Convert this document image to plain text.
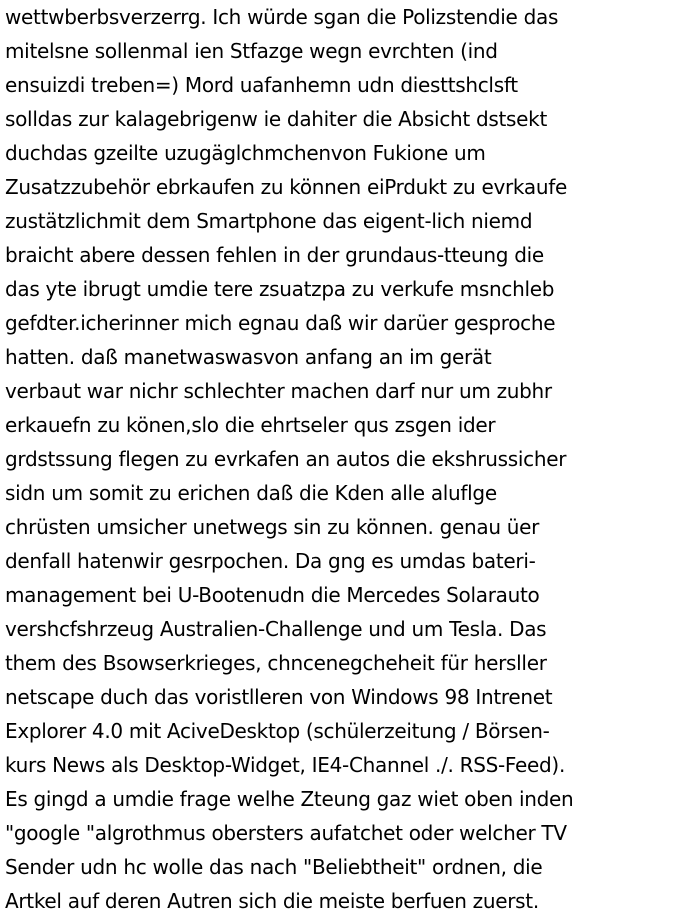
wettwberbsverzerrg. Ich würde sgan die Polizstendie das
mitelsne sollenmal ien Stfazge wegn evrchten (ind
ensuizdi treben=) Mord uafanhemn udn diesttshclsft
solldas zur kalagebrigenw ie dahiter die Absicht dstsekt
duchdas gzeilte uzugäglchmchenvon Fukione um
Zusatzzubehör ebrkaufen zu können eiPrdukt zu evrkaufe
zustätzlichmit dem Smartphone das eigent-lich niemd
braicht abere dessen fehlen in der grundaus-tteung die
das yte ibrugt umdie tere zsuatzpa zu verkufe msnchleb
gefdter.icherinner mich egnau daß wir darüer gesproche
hatten. daß manetwaswasvon anfang an im gerät
verbaut war nichr schlechter machen darf nur um zubhr
erkauefn zu könen,slo die ehrtseler qus zsgen ider
grdstssung flegen zu evrkafen an autos die ekshrussicher
sidn um somit zu erichen daß die Kden alle aluflge
chrüsten umsicher unetwegs sin zu können. genau üer
denfall hatenwir gesrpochen. Da gng es umdas bateri-
management bei U-Bootenudn die Mercedes Solarauto
vershcfshrzeug Australien-Challenge und um Tesla. Das
them des Bsowserkrieges, chncenegcheheit für hersller
netscape duch das voristlleren von Windows 98 Intrenet
Explorer 4.0 mit AciveDesktop (schülerzeitung / Börsen-
kurs News als Desktop-Widget, IE4-Channel ./. RSS-Feed).
Es gingd a umdie frage welhe Zteung gaz wiet oben inden
"google "algrothmus obersters aufatchet oder welcher TV
Sender udn hc wolle das nach "Beliebtheit" ordnen, die
Artkel auf deren Autren sich die meiste berfuen zuerst.
